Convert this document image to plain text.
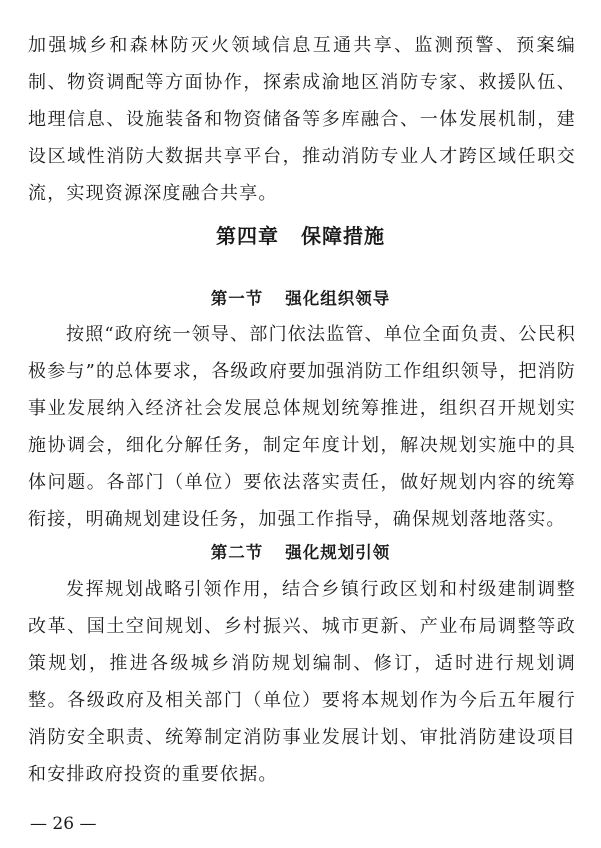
加强城乡和森林防灭火领域信息互通共享、监测预警、预案编制、物资调配等方面协作，探索成渝地区消防专家、救援队伍、地理信息、设施装备和物资储备等多库融合、一体发展机制，建设区域性消防大数据共享平台，推动消防专业人才跨区域任职交流，实现资源深度融合共享。

第四章 保障措施
第一节 强化组织领导

按照“政府统一领导、部门依法监管、单位全面负责、公民积极参与”的总体要求，各级政府要加强消防工作组织领导，把消防事业发展纳入经济社会发展总体规划统筹推进，组织召开规划实施协调会，细化分解任务，制定年度计划，解决规划实施中的具体问题。各部门（单位）要依法落实责任，做好规划内容的统筹衔接，明确规划建设任务，加强工作指导，确保规划落地落实。

第二节 强化规划引领

发挥规划战略引领作用，结合乡镇行政区划和村级建制调整改革、国土空间规划、乡村振兴、城市更新、产业布局调整等政策规划，推进各级城乡消防规划编制、修订，适时进行规划调整。各级政府及相关部门（单位）要将本规划作为今后五年履行消防安全职责、统筹制定消防事业发展计划、审批消防建设项目和安排政府投资的重要依据。

— 26 —
